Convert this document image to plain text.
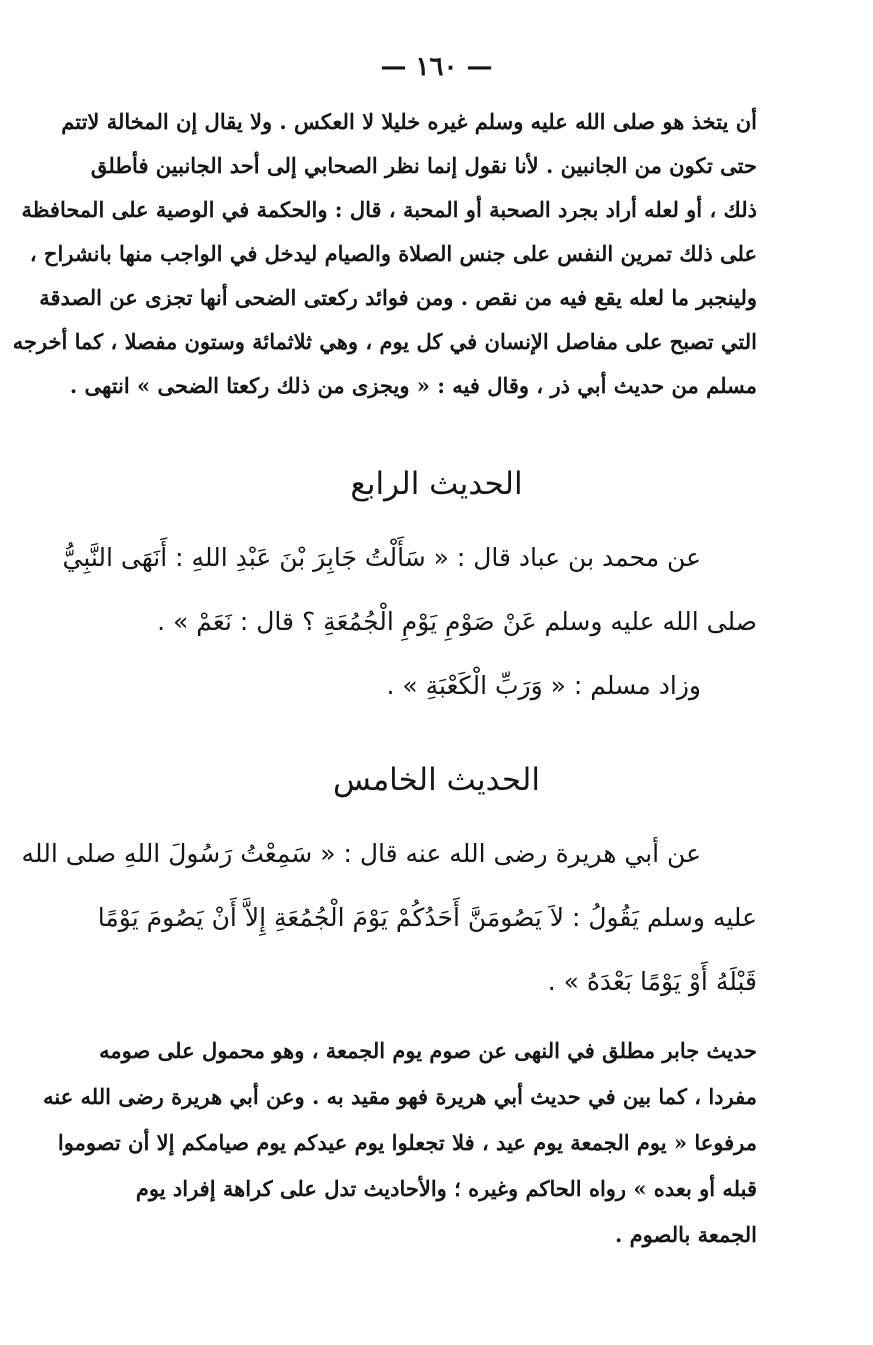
— ١٦٠ —
أن يتخذ هو صلى الله عليه وسلم غيره خليلا لا العكس . ولا يقال إن المخالة لاتتم
حتى تكون من الجانبين . لأنا نقول إنما نظر الصحابي إلى أحد الجانبين فأطلق
ذلك ، أو لعله أراد بجرد الصحبة أو المحبة ، قال : والحكمة في الوصية على المحافظة
على ذلك تمرين النفس على جنس الصلاة والصيام ليدخل في الواجب منها بانشراح ،
ولينجبر ما لعله يقع فيه من نقص . ومن فوائد ركعتى الضحى أنها تجزى عن الصدقة
التي تصبح على مفاصل الإنسان في كل يوم ، وهي ثلاثمائة وستون مفصلا ، كما أخرجه
مسلم من حديث أبي ذر ، وقال فيه : « ويجزى من ذلك ركعتا الضحى » انتهى .
الحديث الرابع
عن محمد بن عباد قال : « سَأَلْتُ جَابِرَ بْنَ عَبْدِ اللهِ : أَنَهَى النَّبِيُّ
صلى الله عليه وسلم عَنْ صَوْمِ يَوْمِ الْجُمُعَةِ ؟ قال : نَعَمْ » .
وزاد مسلم : « وَرَبِّ الْكَعْبَةِ » .
الحديث الخامس
عن أبي هريرة رضى الله عنه قال : « سَمِعْتُ رَسُولَ اللهِ صلى الله
عليه وسلم يَقُولُ : لاَ يَصُومَنَّ أَحَدُكُمْ يَوْمَ الْجُمُعَةِ إِلاَّ أَنْ يَصُومَ يَوْمًا
قَبْلَهُ أَوْ يَوْمًا بَعْدَهُ » .
حديث جابر مطلق في النهى عن صوم يوم الجمعة ، وهو محمول على صومه
مفردا ، كما بين في حديث أبي هريرة فهو مقيد به . وعن أبي هريرة رضى الله عنه
مرفوعا « يوم الجمعة يوم عيد ، فلا تجعلوا يوم عيدكم يوم صيامكم إلا أن تصوموا
قبله أو بعده » رواه الحاكم وغيره ؛ والأحاديث تدل على كراهة إفراد يوم
الجمعة بالصوم .
